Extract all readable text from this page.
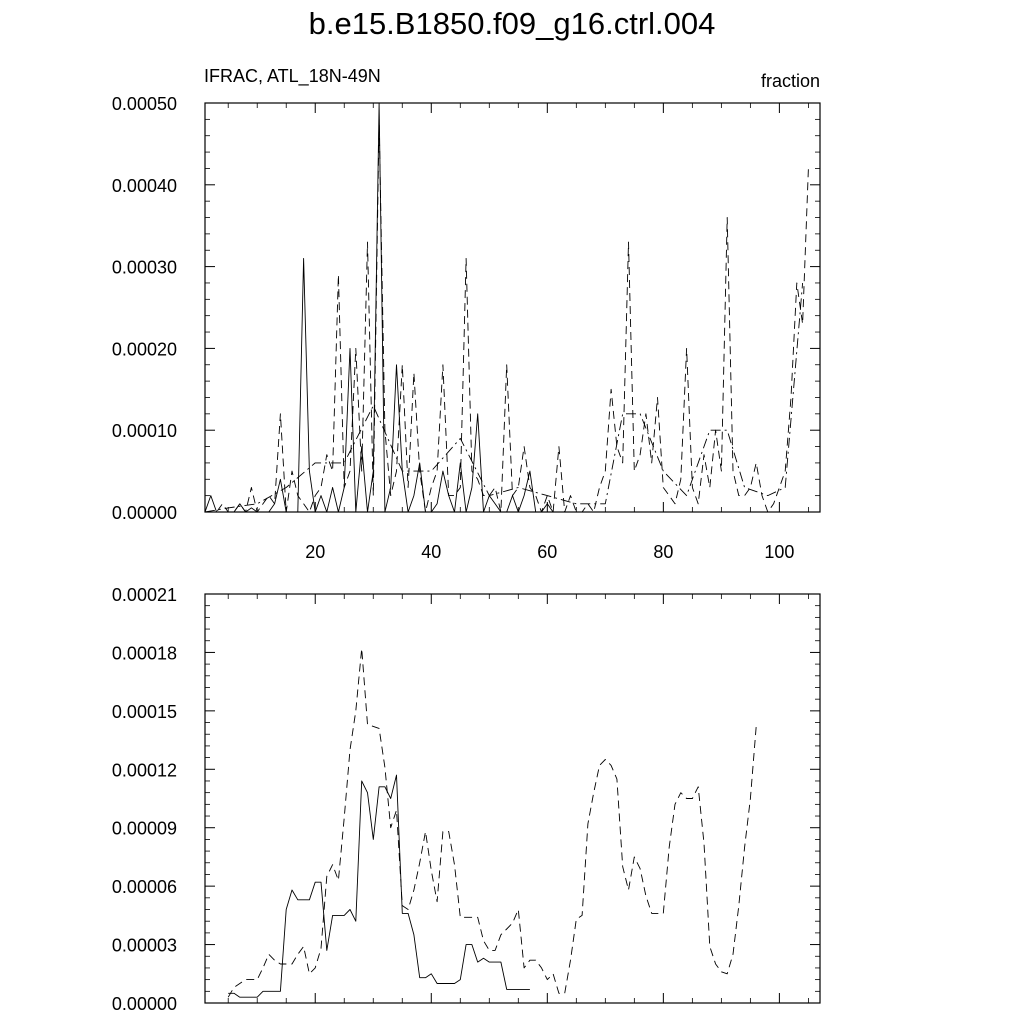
b.e15.B1850.f09_g16.ctrl.004
IFRAC, ATL_18N-49N	fraction
0.00000
0.00010
0.00020
0.00030
0.00040
0.00050
20	40	60	80	100
0.00000
0.00003
0.00006
0.00009
0.00012
0.00015
0.00018
0.00021
